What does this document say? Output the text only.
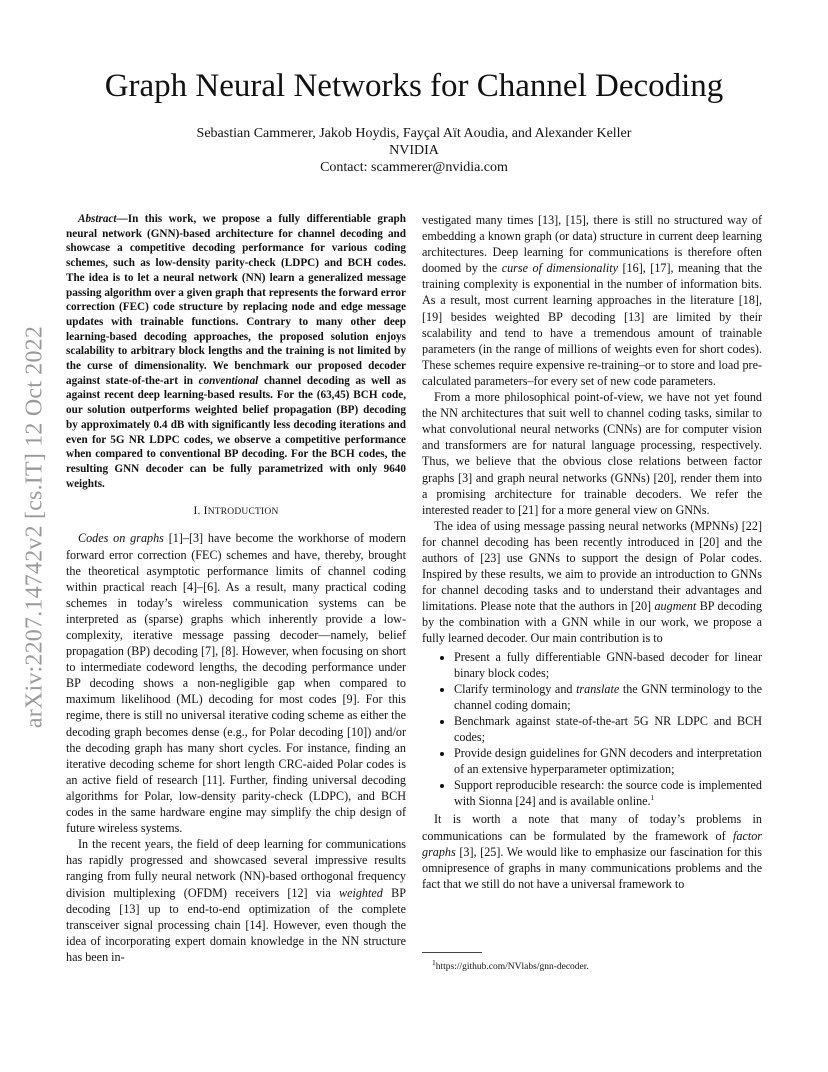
Graph Neural Networks for Channel Decoding
Sebastian Cammerer, Jakob Hoydis, Fayçal Aït Aoudia, and Alexander Keller
NVIDIA
Contact: scammerer@nvidia.com
arXiv:2207.14742v2 [cs.IT] 12 Oct 2022

Abstract—In this work, we propose a fully differentiable graph neural network (GNN)-based architecture for channel decoding and showcase a competitive decoding performance for various coding schemes, such as low-density parity-check (LDPC) and BCH codes. The idea is to let a neural network (NN) learn a generalized message passing algorithm over a given graph that represents the forward error correction (FEC) code structure by replacing node and edge message updates with trainable functions. Contrary to many other deep learning-based decoding approaches, the proposed solution enjoys scalability to arbitrary block lengths and the training is not limited by the curse of dimensionality. We benchmark our proposed decoder against state-of-the-art in conventional channel decoding as well as against recent deep learning-based results. For the (63,45) BCH code, our solution outperforms weighted belief propagation (BP) decoding by approximately 0.4 dB with significantly less decoding iterations and even for 5G NR LDPC codes, we observe a competitive performance when compared to conventional BP decoding. For the BCH codes, the resulting GNN decoder can be fully parametrized with only 9640 weights.

I. INTRODUCTION

Codes on graphs [1]–[3] have become the workhorse of modern forward error correction (FEC) schemes and have, thereby, brought the theoretical asymptotic performance limits of channel coding within practical reach [4]–[6]. As a result, many practical coding schemes in today’s wireless communication systems can be interpreted as (sparse) graphs which inherently provide a low-complexity, iterative message passing decoder—namely, belief propagation (BP) decoding [7], [8]. However, when focusing on short to intermediate codeword lengths, the decoding performance under BP decoding shows a non-negligible gap when compared to maximum likelihood (ML) decoding for most codes [9]. For this regime, there is still no universal iterative coding scheme as either the decoding graph becomes dense (e.g., for Polar decoding [10]) and/or the decoding graph has many short cycles. For instance, finding an iterative decoding scheme for short length CRC-aided Polar codes is an active field of research [11]. Further, finding universal decoding algorithms for Polar, low-density parity-check (LDPC), and BCH codes in the same hardware engine may simplify the chip design of future wireless systems.

In the recent years, the field of deep learning for communications has rapidly progressed and showcased several impressive results ranging from fully neural network (NN)-based orthogonal frequency division multiplexing (OFDM) receivers [12] via weighted BP decoding [13] up to end-to-end optimization of the complete transceiver signal processing chain [14]. However, even though the idea of incorporating expert domain knowledge in the NN structure has been in-

vestigated many times [13], [15], there is still no structured way of embedding a known graph (or data) structure in current deep learning architectures. Deep learning for communications is therefore often doomed by the curse of dimensionality [16], [17], meaning that the training complexity is exponential in the number of information bits. As a result, most current learning approaches in the literature [18], [19] besides weighted BP decoding [13] are limited by their scalability and tend to have a tremendous amount of trainable parameters (in the range of millions of weights even for short codes). These schemes require expensive re-training–or to store and load pre-calculated parameters–for every set of new code parameters.

From a more philosophical point-of-view, we have not yet found the NN architectures that suit well to channel coding tasks, similar to what convolutional neural networks (CNNs) are for computer vision and transformers are for natural language processing, respectively. Thus, we believe that the obvious close relations between factor graphs [3] and graph neural networks (GNNs) [20], render them into a promising architecture for trainable decoders. We refer the interested reader to [21] for a more general view on GNNs.

The idea of using message passing neural networks (MPNNs) [22] for channel decoding has been recently introduced in [20] and the authors of [23] use GNNs to support the design of Polar codes. Inspired by these results, we aim to provide an introduction to GNNs for channel decoding tasks and to understand their advantages and limitations. Please note that the authors in [20] augment BP decoding by the combination with a GNN while in our work, we propose a fully learned decoder. Our main contribution is to

• Present a fully differentiable GNN-based decoder for linear binary block codes;
• Clarify terminology and translate the GNN terminology to the channel coding domain;
• Benchmark against state-of-the-art 5G NR LDPC and BCH codes;
• Provide design guidelines for GNN decoders and interpretation of an extensive hyperparameter optimization;
• Support reproducible research: the source code is implemented with Sionna [24] and is available online.$^1$

It is worth a note that many of today’s problems in communications can be formulated by the framework of factor graphs [3], [25]. We would like to emphasize our fascination for this omnipresence of graphs in many communications problems and the fact that we still do not have a universal framework to

$^1$https://github.com/NVlabs/gnn-decoder.
